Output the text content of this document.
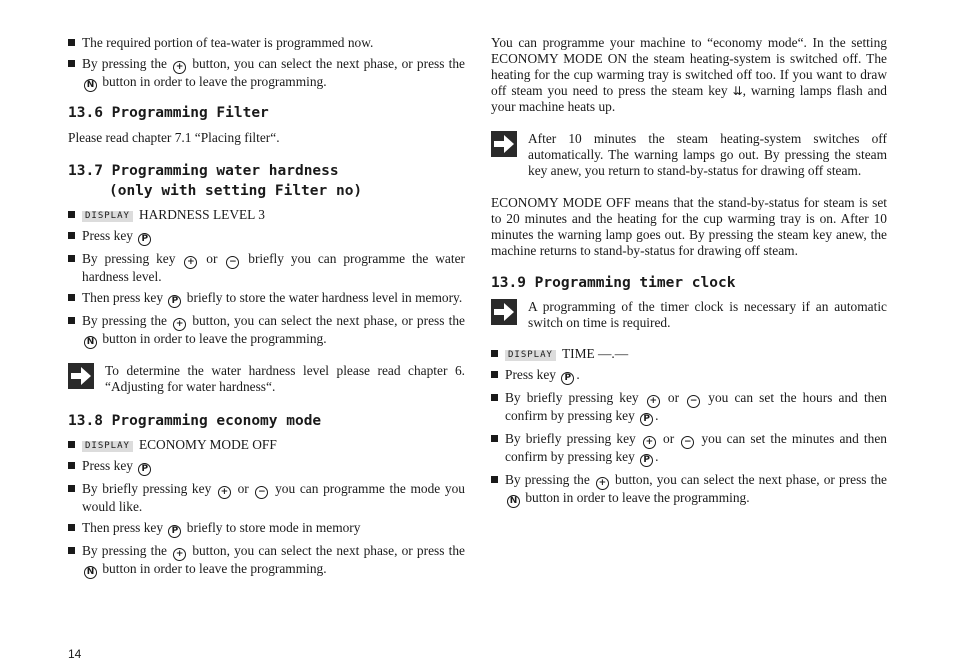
The required portion of tea-water is programmed now.
By pressing the + button, you can select the next phase, or press the N button in order to leave the programming.
13.6 Programming Filter

Please read chapter 7.1 “Placing filter“.

13.7 Programming water hardness
(only with setting Filter no)
DISPLAY HARDNESS LEVEL 3
Press key P
By pressing key + or − briefly you can programme the water hardness level.
Then press key P briefly to store the water hardness level in memory.
By pressing the + button, you can select the next phase, or press the N button in order to leave the programming.

To determine the water hardness level please read chapter 6. “Adjusting for water hardness“.

13.8 Programming economy mode
DISPLAY ECONOMY MODE OFF
Press key P
By briefly pressing key + or − you can programme the mode you would like.
Then press key P briefly to store mode in memory
By pressing the + button, you can select the next phase, or press the N button in order to leave the programming.

You can programme your machine to “economy mode“. In the setting ECONOMY MODE ON the steam heating-system is switched off. The heating for the cup warming tray is switched off too. If you want to draw off steam you need to press the steam key ⇊, warning lamps flash and your machine heats up.

After 10 minutes the steam heating-system switches off automatically. The warning lamps go out. By pressing the steam key anew, you return to stand-by-status for drawing off steam.

ECONOMY MODE OFF means that the stand-by-status for steam is set to 20 minutes and the heating for the cup warming tray is on. After 10 minutes the warning lamp goes out. By pressing the steam key anew, the machine returns to stand-by-status for drawing off steam.

13.9 Programming timer clock

A programming of the timer clock is necessary if an automatic switch on time is required.

DISPLAY TIME —.—
Press key P .
By briefly pressing key + or − you can set the hours and then confirm by pressing key P .
By briefly pressing key + or − you can set the minutes and then confirm by pressing key P .
By pressing the + button, you can select the next phase, or press the N button in order to leave the programming.
14
